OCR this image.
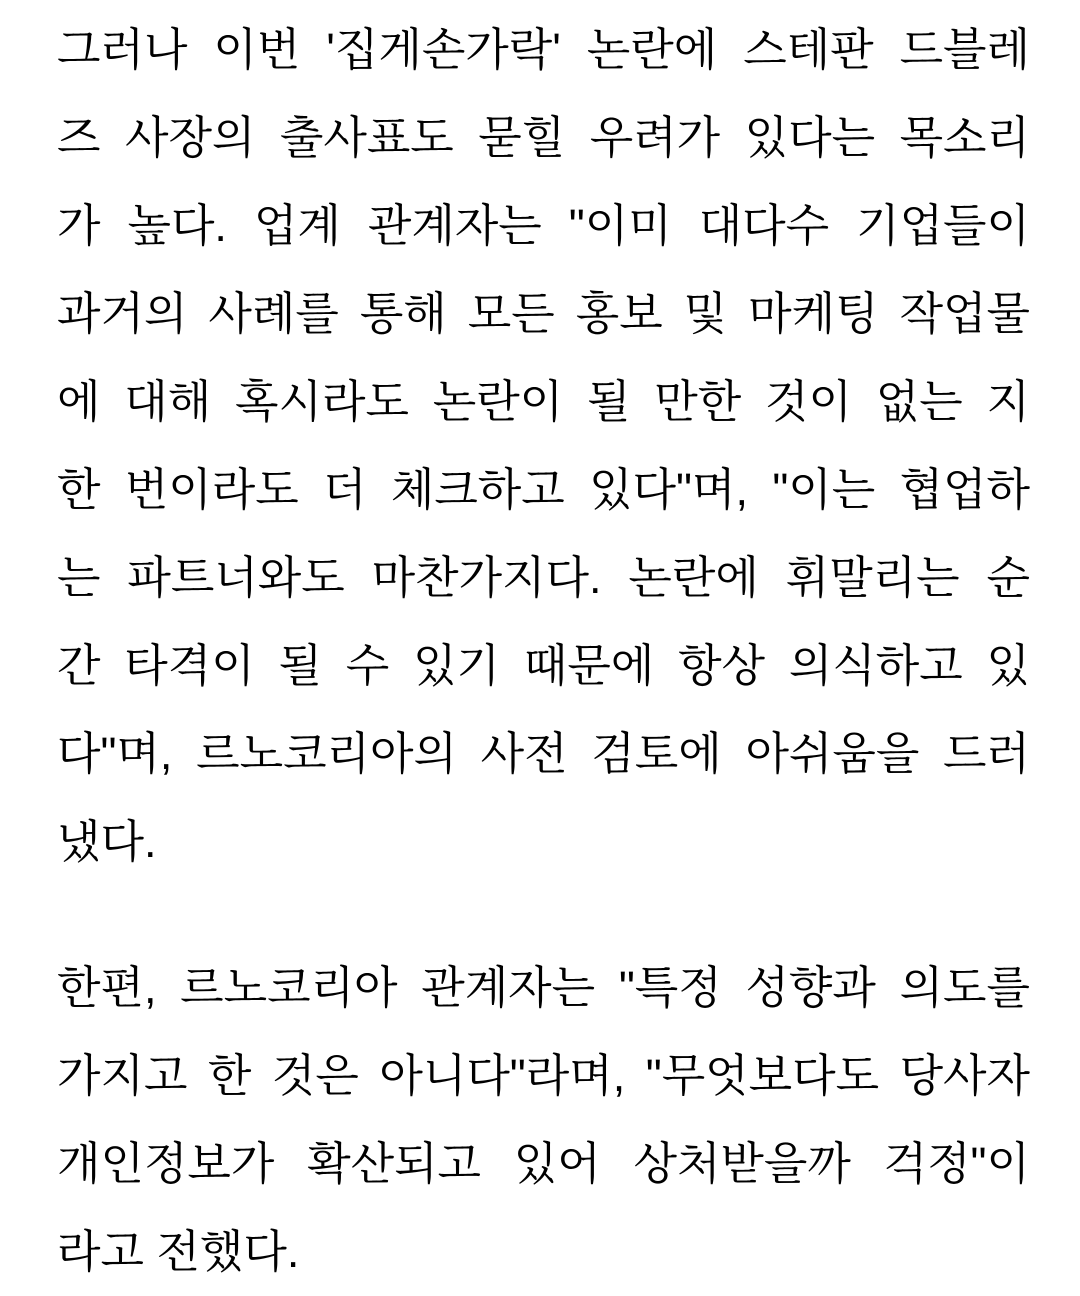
그러나 이번 '집게손가락' 논란에 스테판 드블레
즈 사장의 출사표도 묻힐 우려가 있다는 목소리
가 높다. 업계 관계자는 "이미 대다수 기업들이
과거의 사례를 통해 모든 홍보 및 마케팅 작업물
에 대해 혹시라도 논란이 될 만한 것이 없는 지
한 번이라도 더 체크하고 있다"며, "이는 협업하
는 파트너와도 마찬가지다. 논란에 휘말리는 순
간 타격이 될 수 있기 때문에 항상 의식하고 있
다"며, 르노코리아의 사전 검토에 아쉬움을 드러
냈다.
한편, 르노코리아 관계자는 "특정 성향과 의도를
가지고 한 것은 아니다"라며, "무엇보다도 당사자
개인정보가 확산되고 있어 상처받을까 걱정"이
라고 전했다.
